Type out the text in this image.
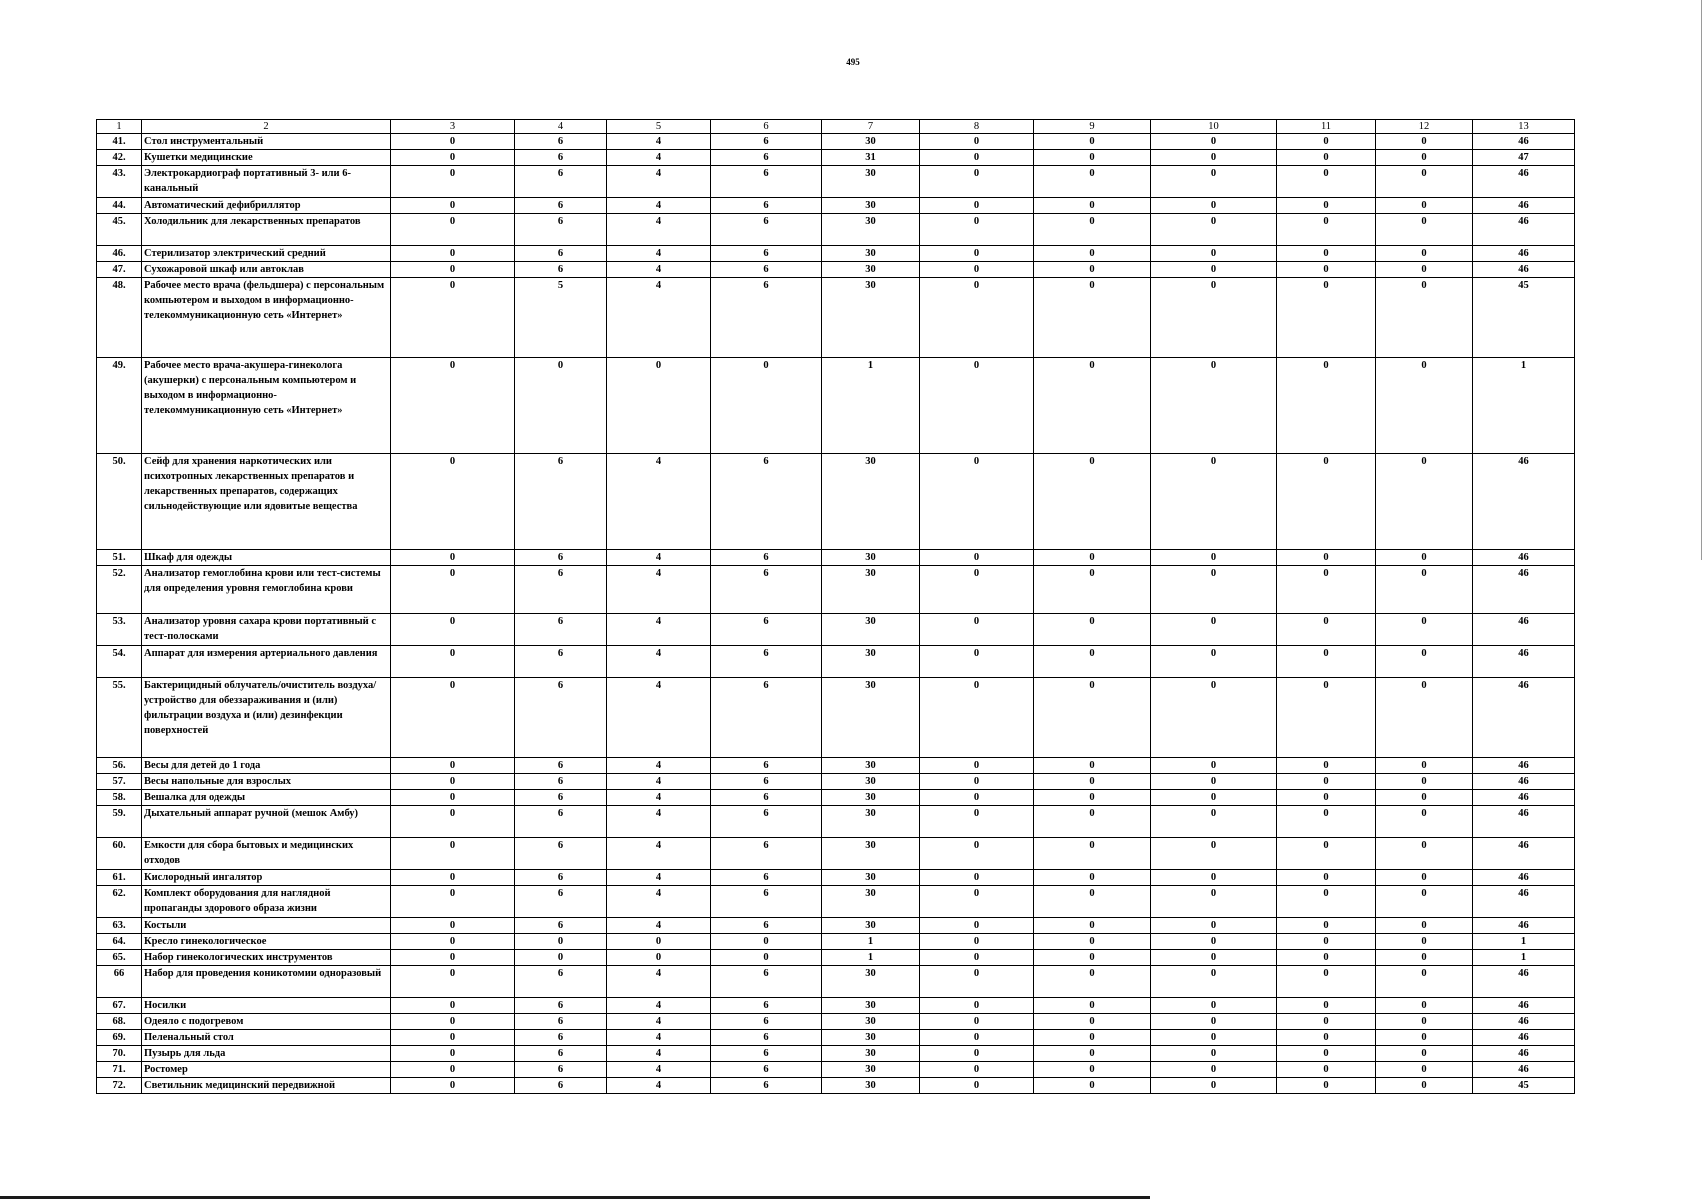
495
1	2	3	4	5	6	7	8	9	10	11	12	13
41.	Стол инструментальный	0	6	4	6	30	0	0	0	0	0	46
42.	Кушетки медицинские	0	6	4	6	31	0	0	0	0	0	47
43.	Электрокардиограф портативный 3- или 6-канальный	0	6	4	6	30	0	0	0	0	0	46
44.	Автоматический дефибриллятор	0	6	4	6	30	0	0	0	0	0	46
45.	Холодильник для лекарственных препаратов	0	6	4	6	30	0	0	0	0	0	46
46.	Стерилизатор электрический средний	0	6	4	6	30	0	0	0	0	0	46
47.	Сухожаровой шкаф или автоклав	0	6	4	6	30	0	0	0	0	0	46
48.	Рабочее место врача (фельдшера) с персональным компьютером и выходом в информационно-телекоммуникационную сеть «Интернет»	0	5	4	6	30	0	0	0	0	0	45
49.	Рабочее место врача-акушера-гинеколога (акушерки) с персональным компьютером и выходом в информационно-телекоммуникационную сеть «Интернет»	0	0	0	0	1	0	0	0	0	0	1
50.	Сейф для хранения наркотических или психотропных лекарственных препаратов и лекарственных препаратов, содержащих сильнодействующие или ядовитые вещества	0	6	4	6	30	0	0	0	0	0	46
51.	Шкаф для одежды	0	6	4	6	30	0	0	0	0	0	46
52.	Анализатор гемоглобина крови или тест-системы для определения уровня гемоглобина крови	0	6	4	6	30	0	0	0	0	0	46
53.	Анализатор уровня сахара крови портативный с тест-полосками	0	6	4	6	30	0	0	0	0	0	46
54.	Аппарат для измерения артериального давления	0	6	4	6	30	0	0	0	0	0	46
55.	Бактерицидный облучатель/очиститель воздуха/устройство для обеззараживания и (или) фильтрации воздуха и (или) дезинфекции поверхностей	0	6	4	6	30	0	0	0	0	0	46
56.	Весы для детей до 1 года	0	6	4	6	30	0	0	0	0	0	46
57.	Весы напольные для взрослых	0	6	4	6	30	0	0	0	0	0	46
58.	Вешалка для одежды	0	6	4	6	30	0	0	0	0	0	46
59.	Дыхательный аппарат ручной (мешок Амбу)	0	6	4	6	30	0	0	0	0	0	46
60.	Емкости для сбора бытовых и медицинских отходов	0	6	4	6	30	0	0	0	0	0	46
61.	Кислородный ингалятор	0	6	4	6	30	0	0	0	0	0	46
62.	Комплект оборудования для наглядной пропаганды здорового образа жизни	0	6	4	6	30	0	0	0	0	0	46
63.	Костыли	0	6	4	6	30	0	0	0	0	0	46
64.	Кресло гинекологическое	0	0	0	0	1	0	0	0	0	0	1
65.	Набор гинекологических инструментов	0	0	0	0	1	0	0	0	0	0	1
66	Набор для проведения коникотомии одноразовый	0	6	4	6	30	0	0	0	0	0	46
67.	Носилки	0	6	4	6	30	0	0	0	0	0	46
68.	Одеяло с подогревом	0	6	4	6	30	0	0	0	0	0	46
69.	Пеленальный стол	0	6	4	6	30	0	0	0	0	0	46
70.	Пузырь для льда	0	6	4	6	30	0	0	0	0	0	46
71.	Ростомер	0	6	4	6	30	0	0	0	0	0	46
72.	Светильник медицинский передвижной	0	6	4	6	30	0	0	0	0	0	45
